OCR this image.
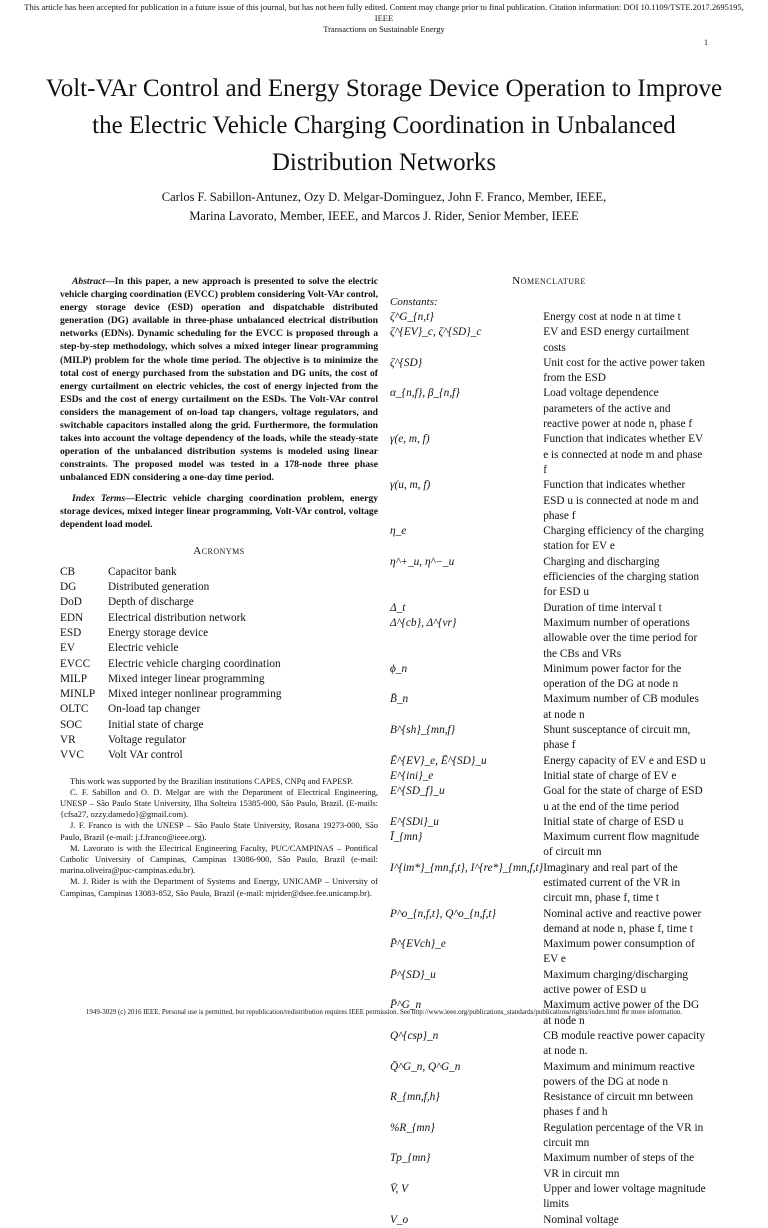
This article has been accepted for publication in a future issue of this journal, but has not been fully edited. Content may change prior to final publication. Citation information: DOI 10.1109/TSTE.2017.2695195, IEEE
Transactions on Sustainable Energy
1
Volt-VAr Control and Energy Storage Device Operation to Improve the Electric Vehicle Charging Coordination in Unbalanced Distribution Networks
Carlos F. Sabillon-Antunez, Ozy D. Melgar-Dominguez, John F. Franco, Member, IEEE,
Marina Lavorato, Member, IEEE, and Marcos J. Rider, Senior Member, IEEE

Abstract—In this paper, a new approach is presented to solve the electric vehicle charging coordination (EVCC) problem considering Volt-VAr control, energy storage device (ESD) operation and dispatchable distributed generation (DG) available in three-phase unbalanced electrical distribution networks (EDNs). Dynamic scheduling for the EVCC is proposed through a step-by-step methodology, which solves a mixed integer linear programming (MILP) problem for the whole time period. The objective is to minimize the total cost of energy purchased from the substation and DG units, the cost of energy curtailment on electric vehicles, the cost of energy injected from the ESDs and the cost of energy curtailment on the ESDs. The Volt-VAr control considers the management of on-load tap changers, voltage regulators, and switchable capacitors installed along the grid. Furthermore, the formulation takes into account the voltage dependency of the loads, while the steady-state operation of the unbalanced distribution systems is modeled using linear constraints. The proposed model was tested in a 178-node three phase unbalanced EDN considering a one-day time period.

Index Terms—Electric vehicle charging coordination problem, energy storage devices, mixed integer linear programming, Volt-VAr control, voltage dependent load model.

Acronyms
CB	Capacitor bank
DG	Distributed generation
DoD	Depth of discharge
EDN	Electrical distribution network
ESD	Energy storage device
EV	Electric vehicle
EVCC	Electric vehicle charging coordination
MILP	Mixed integer linear programming
MINLP	Mixed integer nonlinear programming
OLTC	On-load tap changer
SOC	Initial state of charge
VR	Voltage regulator
VVC	Volt VAr control

This work was supported by the Brazilian institutions CAPES, CNPq and FAPESP.

C. F. Sabillon and O. D. Melgar are with the Department of Electrical Engineering, UNESP – São Paulo State University, Ilha Solteira 15385-000, São Paulo, Brazil. (E-mails: {cfsa27, ozzy.damedo}@gmail.com).

J. F. Franco is with the UNESP – São Paulo State University, Rosana 19273-000, São Paulo, Brazil (e-mail: j.f.franco@ieee.org).

M. Lavorato is with the Electrical Engineering Faculty, PUC/CAMPINAS – Pontifical Catholic University of Campinas, Campinas 13086-900, São Paulo, Brazil (e-mail: marina.oliveira@puc-campinas.edu.br).

M. J. Rider is with the Department of Systems and Energy, UNICAMP – University of Campinas, Campinas 13083-852, São Paulo, Brazil (e-mail: mjrider@dsee.fee.unicamp.br).

Nomenclature
Constants:
ζ^G_{n,t}	Energy cost at node n at time t
ζ^{EV}_c, ζ^{SD}_c	EV and ESD energy curtailment costs
ζ^{SD}	Unit cost for the active power taken from the ESD
α_{n,f}, β_{n,f}	Load voltage dependence parameters of the active and reactive power at node n, phase f
γ(e, m, f)	Function that indicates whether EV e is connected at node m and phase f
γ(u, m, f)	Function that indicates whether ESD u is connected at node m and phase f
η_e	Charging efficiency of the charging station for EV e
η^+_u, η^−_u	Charging and discharging efficiencies of the charging station for ESD u
Δ_t	Duration of time interval t
Δ^{cb}, Δ^{vr}	Maximum number of operations allowable over the time period for the CBs and VRs
ϕ_n	Minimum power factor for the operation of the DG at node n
B̄_n	Maximum number of CB modules at node n
B^{sh}_{mn,f}	Shunt susceptance of circuit mn, phase f
Ē^{EV}_e, Ē^{SD}_u	Energy capacity of EV e and ESD u
E^{ini}_e	Initial state of charge of EV e
E^{SD_f}_u	Goal for the state of charge of ESD u at the end of the time period
E^{SDi}_u	Initial state of charge of ESD u
Ī_{mn}	Maximum current flow magnitude of circuit mn
I^{im*}_{mn,f,t}, I^{re*}_{mn,f,t}	Imaginary and real part of the estimated current of the VR in circuit mn, phase f, time t
P^o_{n,f,t}, Q^o_{n,f,t}	Nominal active and reactive power demand at node n, phase f, time t
P̄^{EVch}_e	Maximum power consumption of EV e
P̄^{SD}_u	Maximum charging/discharging active power of ESD u
P̄^G_n	Maximum active power of the DG at node n
Q^{csp}_n	CB module reactive power capacity at node n.
Q̄^G_n, Q^G_n	Maximum and minimum reactive powers of the DG at node n
R_{mn,f,h}	Resistance of circuit mn between phases f and h
%R_{mn}	Regulation percentage of the VR in circuit mn
Tp_{mn}	Maximum number of steps of the VR in circuit mn
V̄, V	Upper and lower voltage magnitude limits
V_o	Nominal voltage
1949-3029 (c) 2016 IEEE. Personal use is permitted, but republication/redistribution requires IEEE permission. See http://www.ieee.org/publications_standards/publications/rights/index.html for more information.
